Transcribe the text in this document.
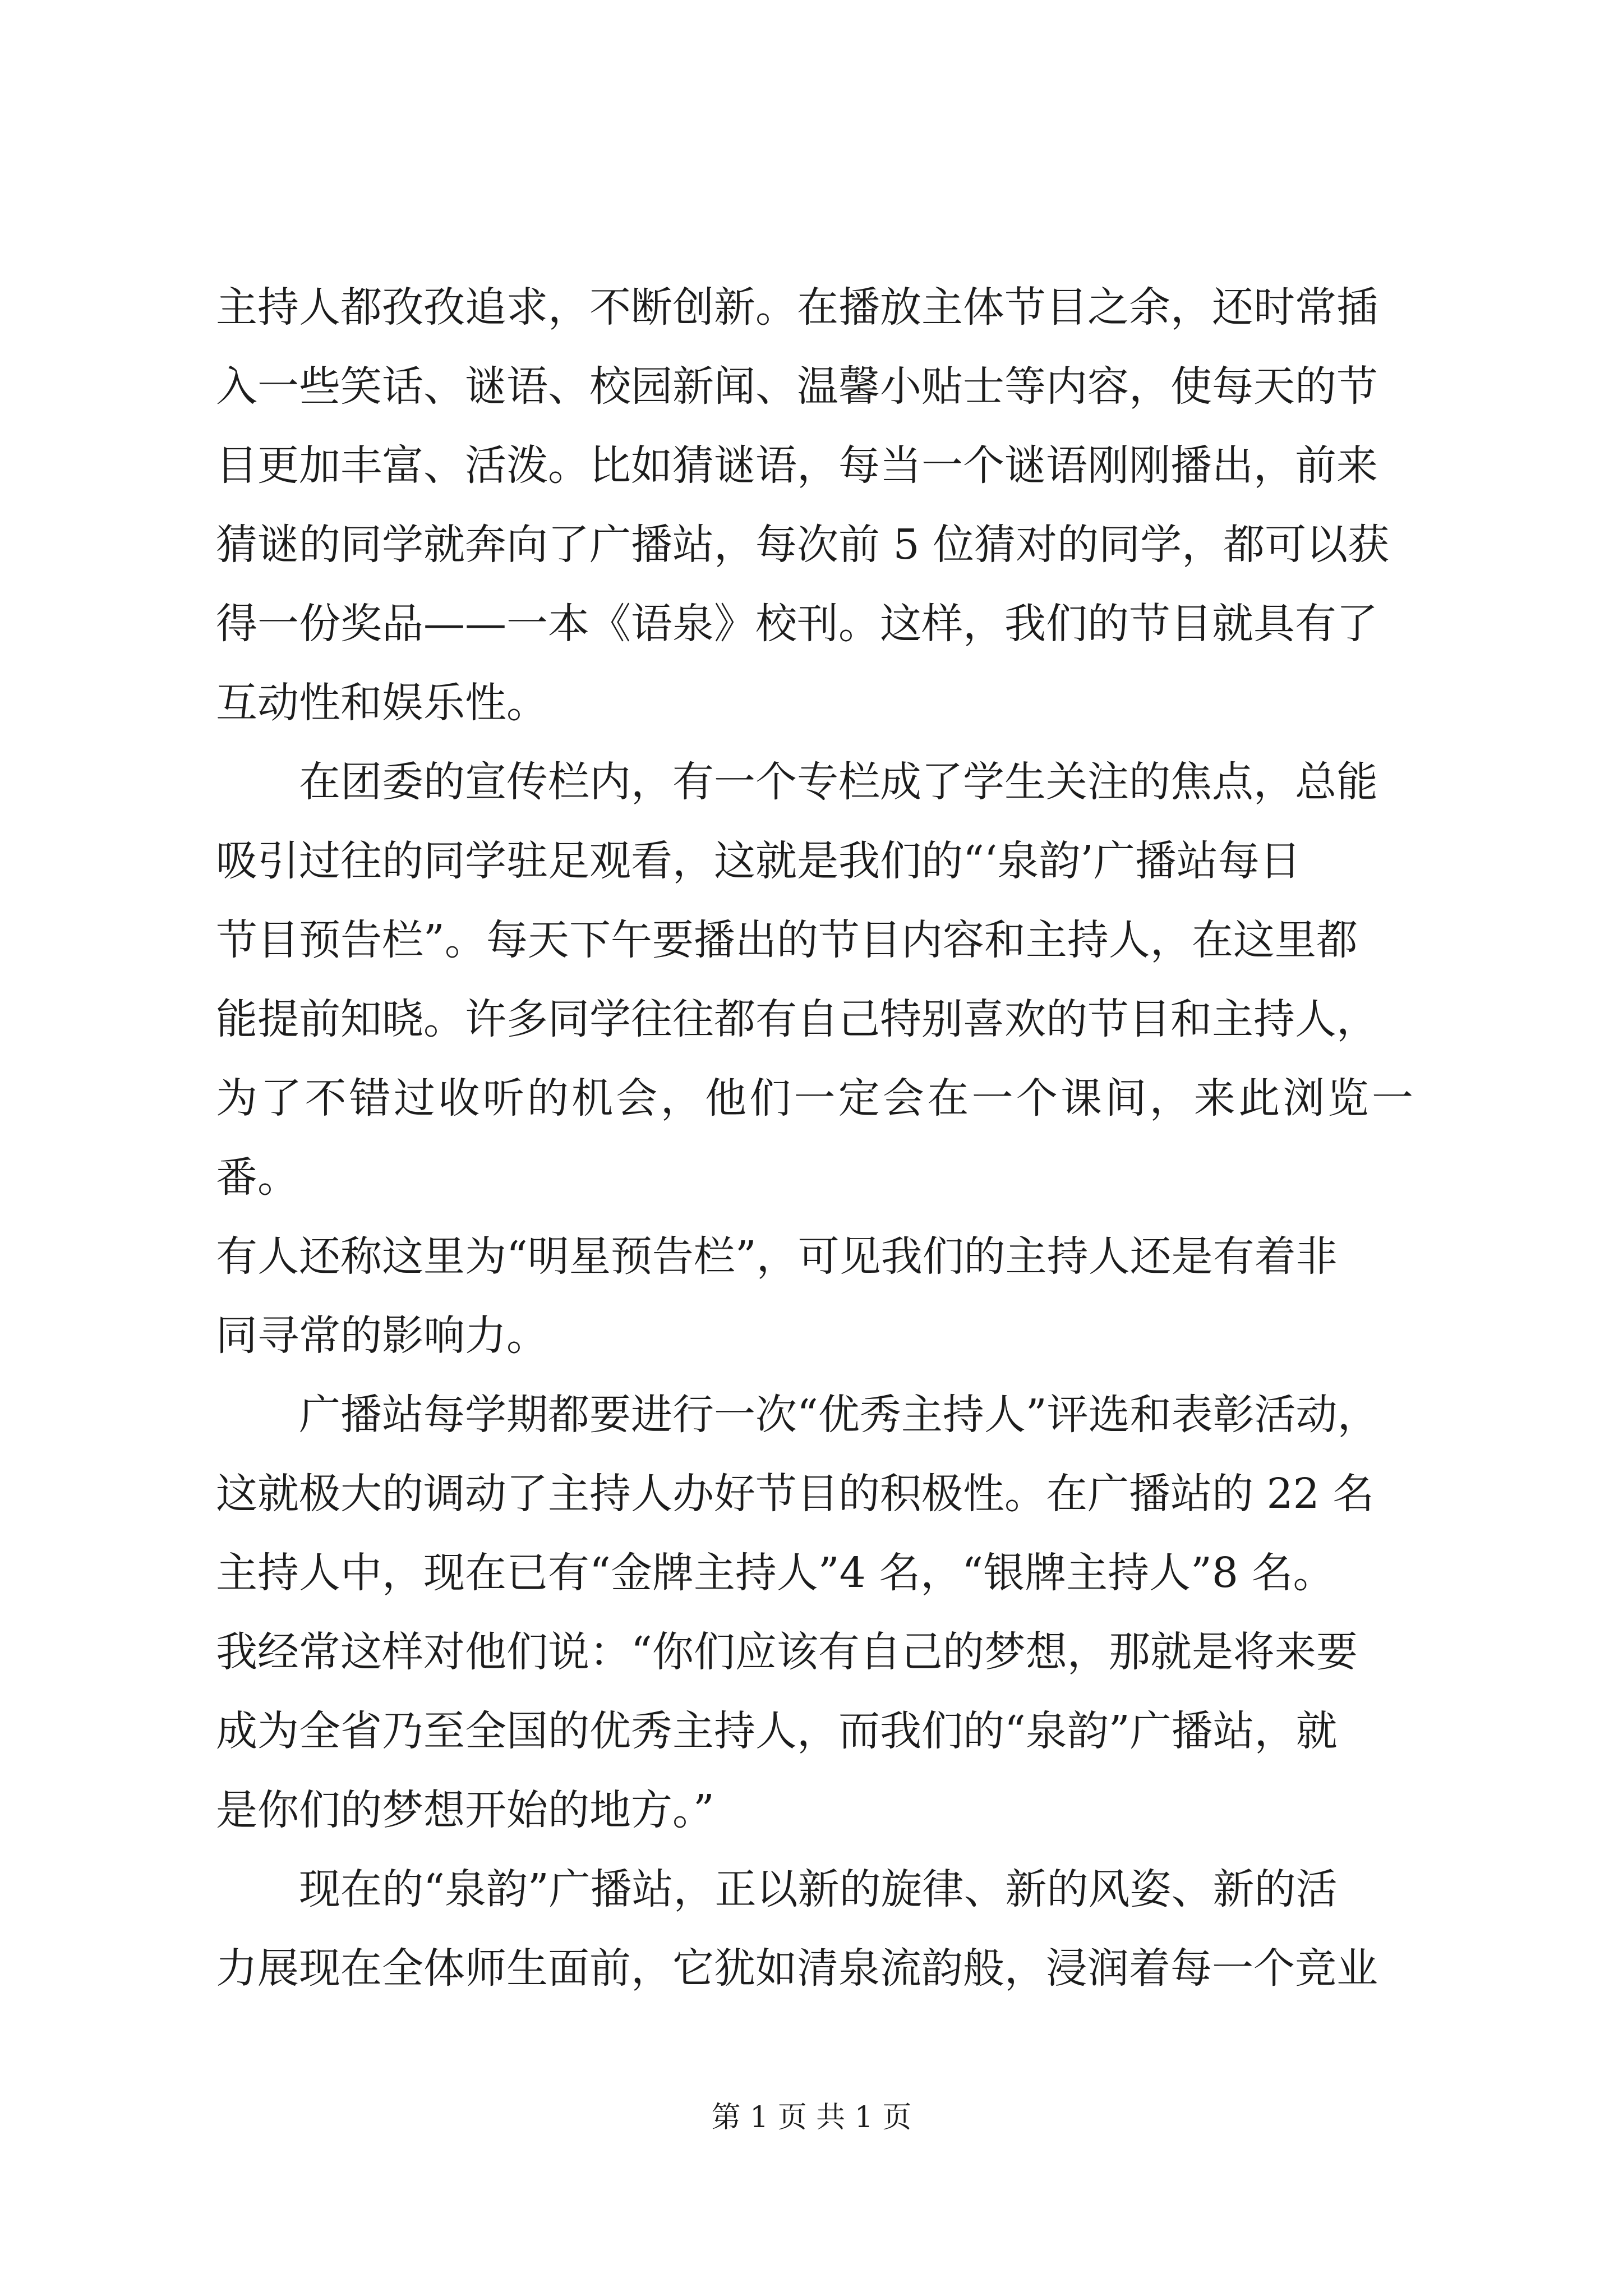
主持人都孜孜追求，不断创新。在播放主体节目之余，还时常插
入一些笑话、谜语、校园新闻、温馨小贴士等内容，使每天的节
目更加丰富、活泼。比如猜谜语，每当一个谜语刚刚播出，前来
猜谜的同学就奔向了广播站，每次前 5 位猜对的同学，都可以获
得一份奖品——一本《语泉》校刊。这样，我们的节目就具有了
互动性和娱乐性。

在团委的宣传栏内，有一个专栏成了学生关注的焦点，总能
吸引过往的同学驻足观看，这就是我们的“‘泉韵’广播站每日
节目预告栏”。每天下午要播出的节目内容和主持人，在这里都
能提前知晓。许多同学往往都有自己特别喜欢的节目和主持人，
为了不错过收听的机会，他们一定会在一个课间，来此浏览一番。
有人还称这里为“明星预告栏”，可见我们的主持人还是有着非
同寻常的影响力。

广播站每学期都要进行一次“优秀主持人”评选和表彰活动，
这就极大的调动了主持人办好节目的积极性。在广播站的 22 名
主持人中，现在已有“金牌主持人”4 名，“银牌主持人”8 名。
我经常这样对他们说：“你们应该有自己的梦想，那就是将来要
成为全省乃至全国的优秀主持人，而我们的“泉韵”广播站，就
是你们的梦想开始的地方。”

现在的“泉韵”广播站，正以新的旋律、新的风姿、新的活
力展现在全体师生面前，它犹如清泉流韵般，浸润着每一个竞业

第 1 页 共 1 页
